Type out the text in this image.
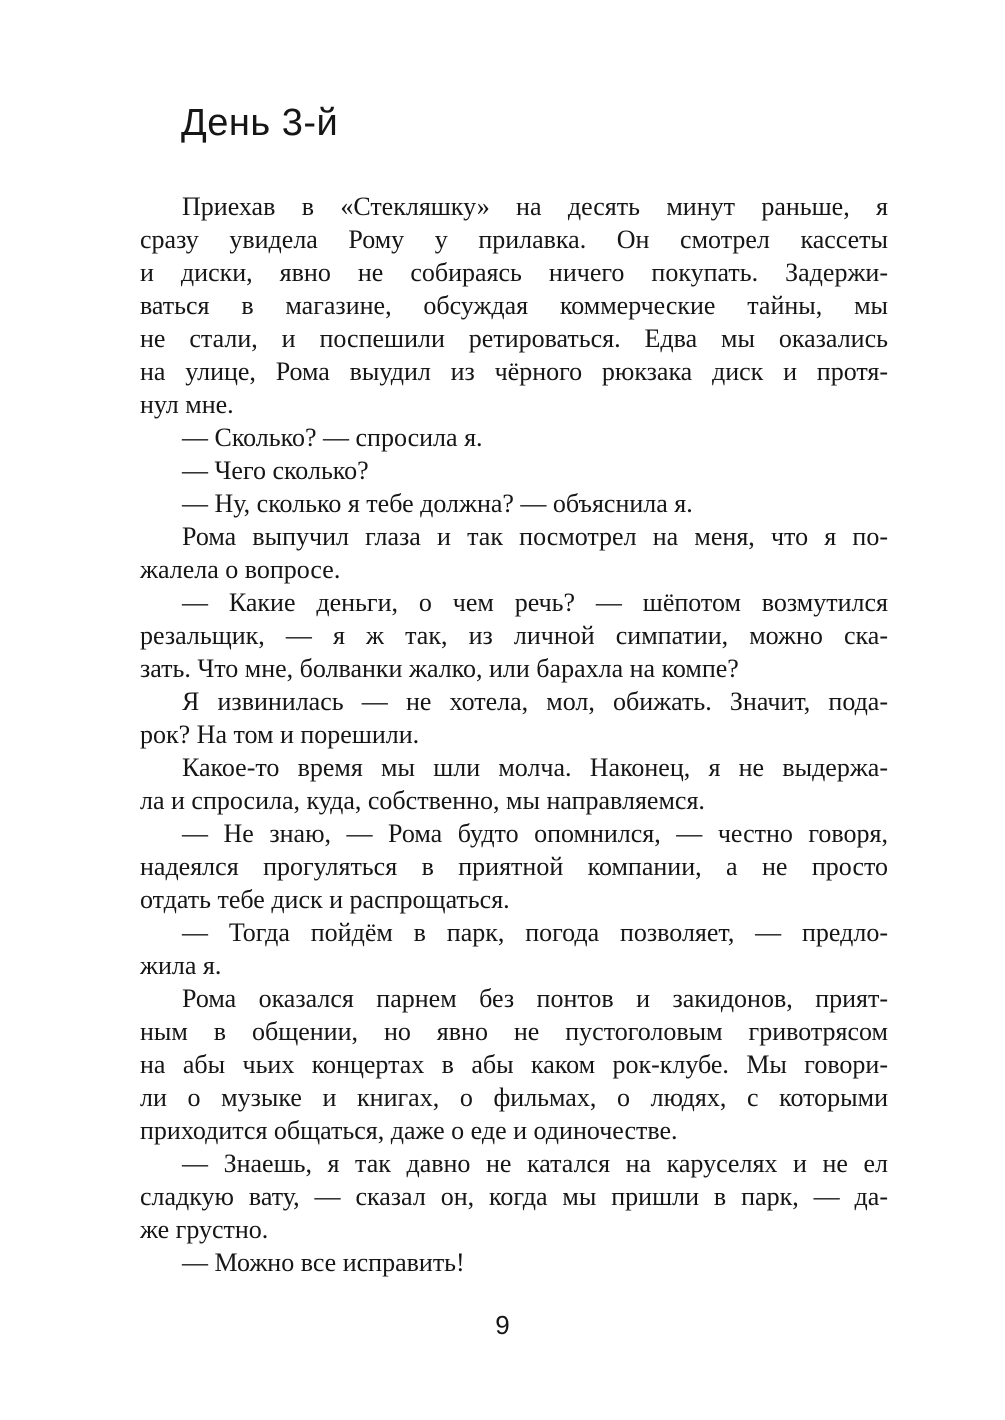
День 3-й
Приехав в «Стекляшку» на десять минут раньше, я
сразу увидела Рому у прилавка. Он смотрел кассеты
и диски, явно не собираясь ничего покупать. Задержи-
ваться в магазине, обсуждая коммерческие тайны, мы
не стали, и поспешили ретироваться. Едва мы оказались
на улице, Рома выудил из чёрного рюкзака диск и протя-
нул мне.
— Сколько? — спросила я.
— Чего сколько?
— Ну, сколько я тебе должна? — объяснила я.
Рома выпучил глаза и так посмотрел на меня, что я по-
жалела о вопросе.
— Какие деньги, о чем речь? — шёпотом возмутился
резальщик, — я ж так, из личной симпатии, можно ска-
зать. Что мне, болванки жалко, или барахла на компе?
Я извинилась — не хотела, мол, обижать. Значит, пода-
рок? На том и порешили.
Какое-то время мы шли молча. Наконец, я не выдержа-
ла и спросила, куда, собственно, мы направляемся.
— Не знаю, — Рома будто опомнился, — честно говоря,
надеялся прогуляться в приятной компании, а не просто
отдать тебе диск и распрощаться.
— Тогда пойдём в парк, погода позволяет, — предло-
жила я.
Рома оказался парнем без понтов и закидонов, прият-
ным в общении, но явно не пустоголовым гривотрясом
на абы чьих концертах в абы каком рок-клубе. Мы говори-
ли о музыке и книгах, о фильмах, о людях, с которыми
приходится общаться, даже о еде и одиночестве.
— Знаешь, я так давно не катался на каруселях и не ел
сладкую вату, — сказал он, когда мы пришли в парк, — да-
же грустно.
— Можно все исправить!
9
